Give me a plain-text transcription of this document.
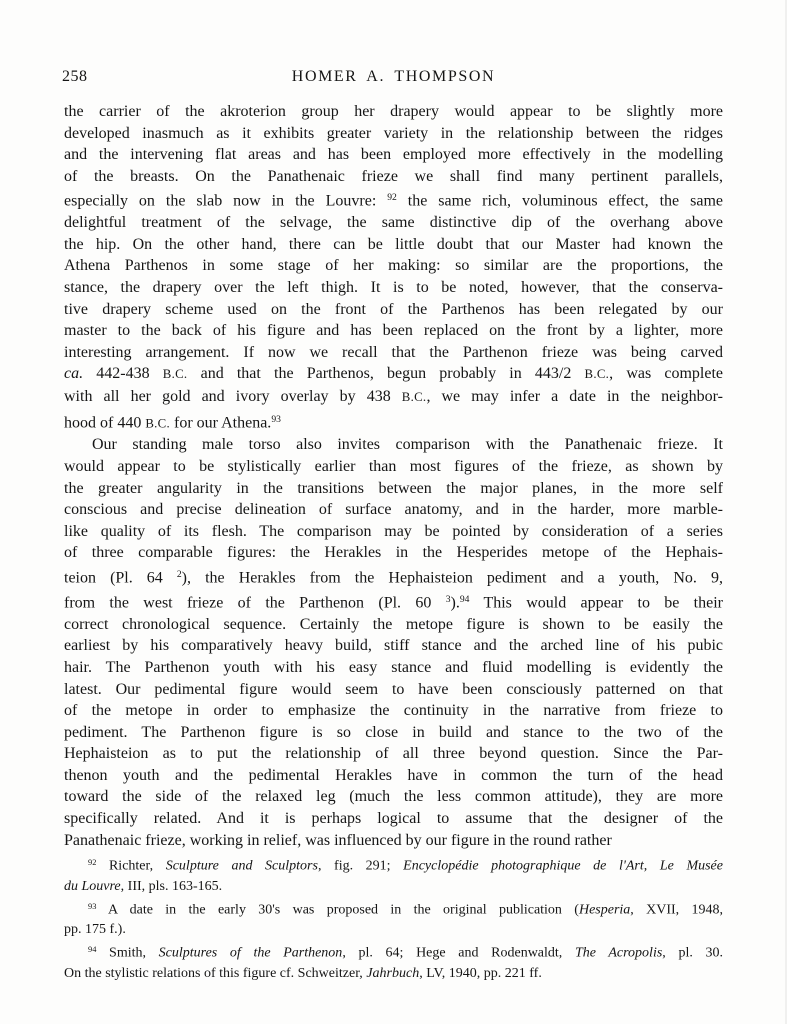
258	HOMER A. THOMPSON
the carrier of the akroterion group her drapery would appear to be slightly more
developed inasmuch as it exhibits greater variety in the relationship between the ridges
and the intervening flat areas and has been employed more effectively in the modelling
of the breasts. On the Panathenaic frieze we shall find many pertinent parallels,
especially on the slab now in the Louvre: $^{92}$ the same rich, voluminous effect, the same
delightful treatment of the selvage, the same distinctive dip of the overhang above
the hip. On the other hand, there can be little doubt that our Master had known the
Athena Parthenos in some stage of her making: so similar are the proportions, the
stance, the drapery over the left thigh. It is to be noted, however, that the conserva-
tive drapery scheme used on the front of the Parthenos has been relegated by our
master to the back of his figure and has been replaced on the front by a lighter, more
interesting arrangement. If now we recall that the Parthenon frieze was being carved
ca. 442-438 B.C. and that the Parthenos, begun probably in 443/2 B.C., was complete
with all her gold and ivory overlay by 438 B.C., we may infer a date in the neighbor-
hood of 440 B.C. for our Athena.$^{93}$
Our standing male torso also invites comparison with the Panathenaic frieze. It
would appear to be stylistically earlier than most figures of the frieze, as shown by
the greater angularity in the transitions between the major planes, in the more self
conscious and precise delineation of surface anatomy, and in the harder, more marble-
like quality of its flesh. The comparison may be pointed by consideration of a series
of three comparable figures: the Herakles in the Hesperides metope of the Hephais-
teion (Pl. 64 $^2$), the Herakles from the Hephaisteion pediment and a youth, No. 9,
from the west frieze of the Parthenon (Pl. 60 $^3$).$^{94}$ This would appear to be their
correct chronological sequence. Certainly the metope figure is shown to be easily the
earliest by his comparatively heavy build, stiff stance and the arched line of his pubic
hair. The Parthenon youth with his easy stance and fluid modelling is evidently the
latest. Our pedimental figure would seem to have been consciously patterned on that
of the metope in order to emphasize the continuity in the narrative from frieze to
pediment. The Parthenon figure is so close in build and stance to the two of the
Hephaisteion as to put the relationship of all three beyond question. Since the Par-
thenon youth and the pedimental Herakles have in common the turn of the head
toward the side of the relaxed leg (much the less common attitude), they are more
specifically related. And it is perhaps logical to assume that the designer of the
Panathenaic frieze, working in relief, was influenced by our figure in the round rather
$^{92}$ Richter, Sculpture and Sculptors, fig. 291; Encyclopédie photographique de l'Art, Le Musée
du Louvre, III, pls. 163-165.
$^{93}$ A date in the early 30's was proposed in the original publication (Hesperia, XVII, 1948,
pp. 175 f.).
$^{94}$ Smith, Sculptures of the Parthenon, pl. 64; Hege and Rodenwaldt, The Acropolis, pl. 30.
On the stylistic relations of this figure cf. Schweitzer, Jahrbuch, LV, 1940, pp. 221 ff.
